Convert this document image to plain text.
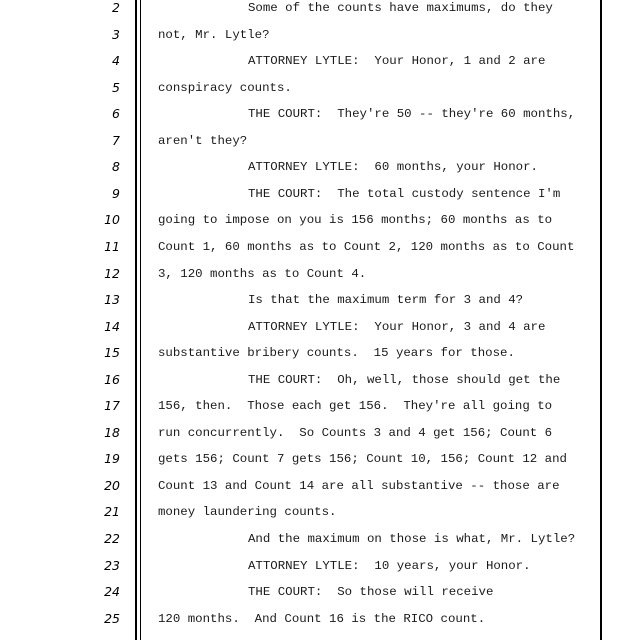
2	Some of the counts have maximums, do they
3	not, Mr. Lytle?
4	ATTORNEY LYTLE:  Your Honor, 1 and 2 are
5	conspiracy counts.
6	THE COURT:  They're 50 -- they're 60 months,
7	aren't they?
8	ATTORNEY LYTLE:  60 months, your Honor.
9	THE COURT:  The total custody sentence I'm
10	going to impose on you is 156 months; 60 months as to
11	Count 1, 60 months as to Count 2, 120 months as to Count
12	3, 120 months as to Count 4.
13	Is that the maximum term for 3 and 4?
14	ATTORNEY LYTLE:  Your Honor, 3 and 4 are
15	substantive bribery counts.  15 years for those.
16	THE COURT:  Oh, well, those should get the
17	156, then.  Those each get 156.  They're all going to
18	run concurrently.  So Counts 3 and 4 get 156; Count 6
19	gets 156; Count 7 gets 156; Count 10, 156; Count 12 and
20	Count 13 and Count 14 are all substantive -- those are
21	money laundering counts.
22	And the maximum on those is what, Mr. Lytle?
23	ATTORNEY LYTLE:  10 years, your Honor.
24	THE COURT:  So those will receive
25	120 months.  And Count 16 is the RICO count.
